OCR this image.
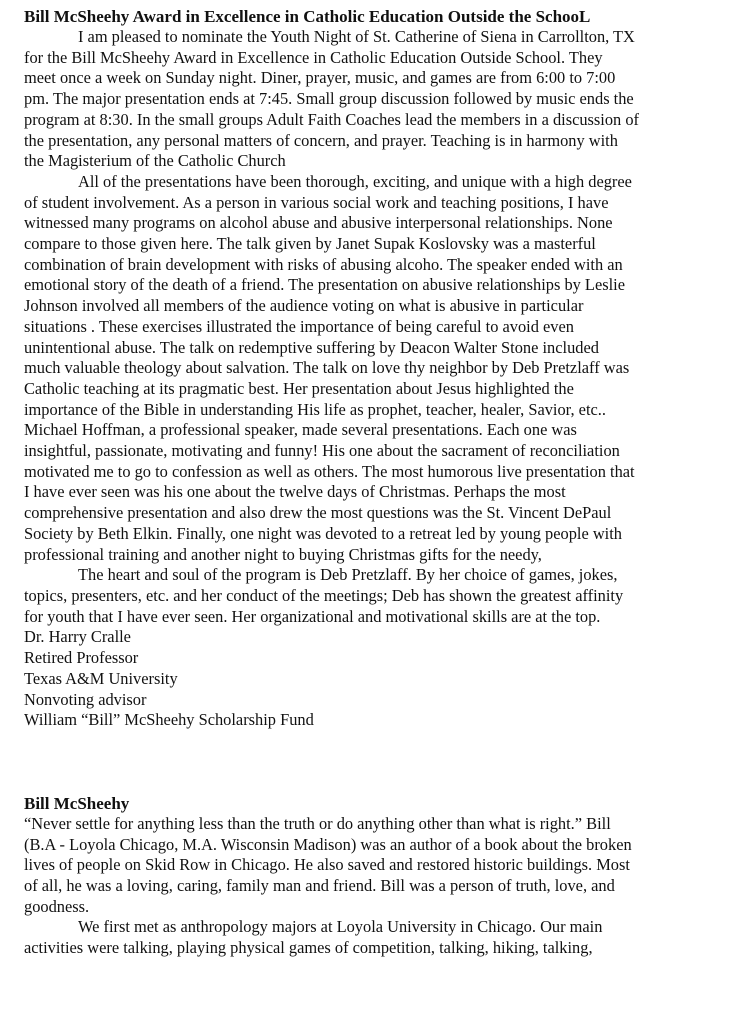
Bill McSheehy Award in Excellence in Catholic Education Outside the SchooL

I am pleased to nominate the Youth Night of St. Catherine of Siena in Carrollton, TX

for the Bill McSheehy Award in Excellence in Catholic Education Outside School. They

meet once a week on Sunday night. Diner, prayer, music, and games are from 6:00 to 7:00

pm. The major presentation ends at 7:45. Small group discussion followed by music ends the

program at 8:30. In the small groups Adult Faith Coaches lead the members in a discussion of

the presentation, any personal matters of concern, and prayer. Teaching is in harmony with

the Magisterium of the Catholic Church

All of the presentations have been thorough, exciting, and unique with a high degree

of student involvement. As a person in various social work and teaching positions, I have

witnessed many programs on alcohol abuse and abusive interpersonal relationships. None

compare to those given here. The talk given by Janet Supak Koslovsky was a masterful

combination of brain development with risks of abusing alcoho. The speaker ended with an

emotional story of the death of a friend. The presentation on abusive relationships by Leslie

Johnson involved all members of the audience voting on what is abusive in particular

situations . These exercises illustrated the importance of being careful to avoid even

unintentional abuse. The talk on redemptive suffering by Deacon Walter Stone included

much valuable theology about salvation. The talk on love thy neighbor by Deb Pretzlaff was

Catholic teaching at its pragmatic best. Her presentation about Jesus highlighted the

importance of the Bible in understanding His life as prophet, teacher, healer, Savior, etc..

Michael Hoffman, a professional speaker, made several presentations. Each one was

insightful, passionate, motivating and funny! His one about the sacrament of reconciliation

motivated me to go to confession as well as others. The most humorous live presentation that

I have ever seen was his one about the twelve days of Christmas. Perhaps the most

comprehensive presentation and also drew the most questions was the St. Vincent DePaul

Society by Beth Elkin. Finally, one night was devoted to a retreat led by young people with

professional training and another night to buying Christmas gifts for the needy,

The heart and soul of the program is Deb Pretzlaff. By her choice of games, jokes,

topics, presenters, etc. and her conduct of the meetings; Deb has shown the greatest affinity

for youth that I have ever seen. Her organizational and motivational skills are at the top.

Dr. Harry Cralle

Retired Professor

Texas A&M University

Nonvoting advisor

William “Bill” McSheehy Scholarship Fund

Bill McSheehy

“Never settle for anything less than the truth or do anything other than what is right.” Bill

(B.A - Loyola Chicago, M.A. Wisconsin Madison) was an author of a book about the broken

lives of people on Skid Row in Chicago. He also saved and restored historic buildings. Most

of all, he was a loving, caring, family man and friend. Bill was a person of truth, love, and

goodness.

We first met as anthropology majors at Loyola University in Chicago. Our main

activities were talking, playing physical games of competition, talking, hiking, talking,
